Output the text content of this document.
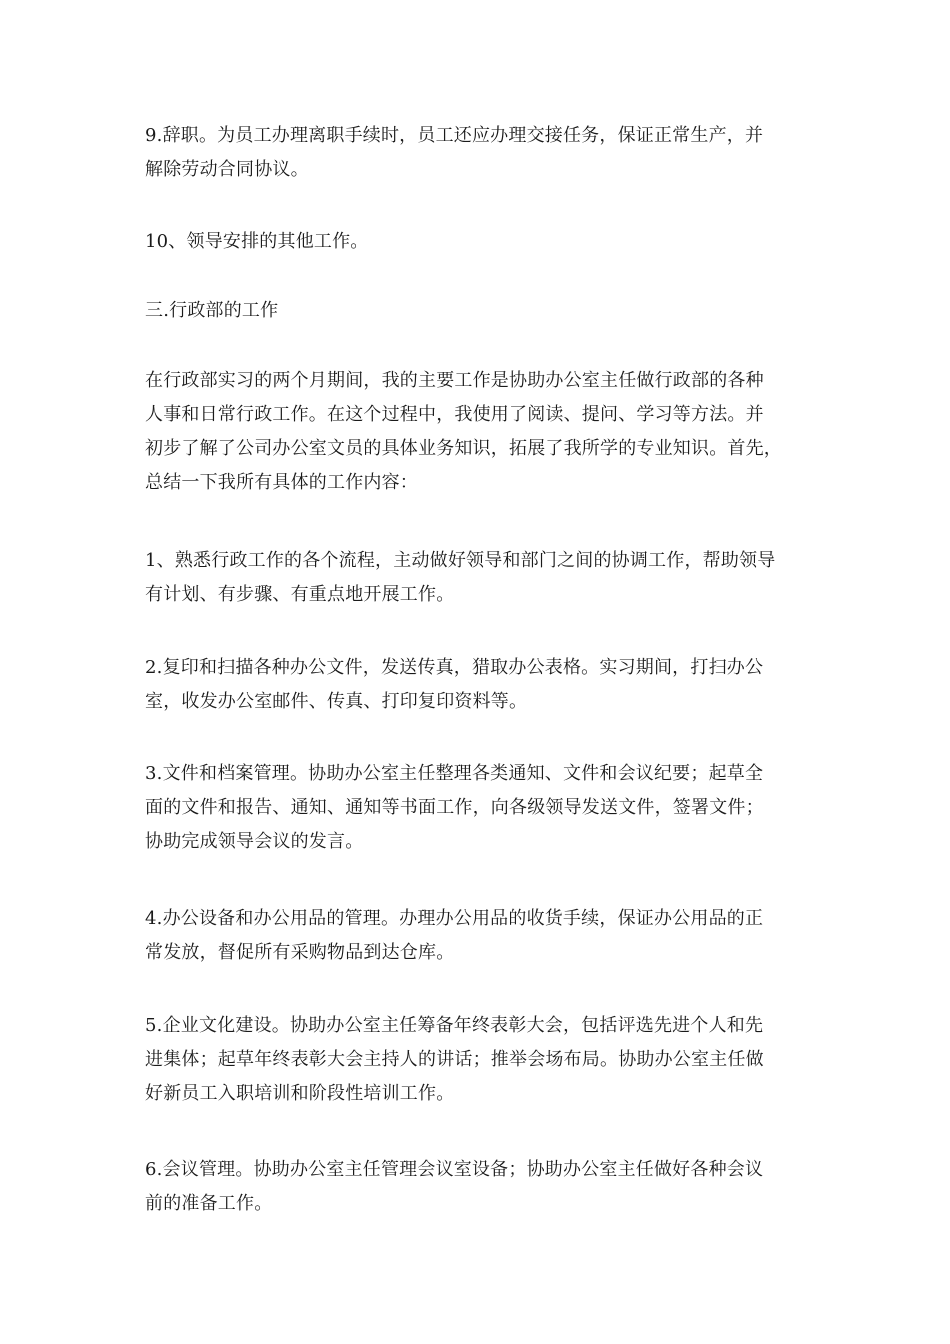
9.辞职。为员工办理离职手续时，员工还应办理交接任务，保证正常生产，并
解除劳动合同协议。
10、领导安排的其他工作。
三.行政部的工作
在行政部实习的两个月期间，我的主要工作是协助办公室主任做行政部的各种
人事和日常行政工作。在这个过程中，我使用了阅读、提问、学习等方法。并
初步了解了公司办公室文员的具体业务知识，拓展了我所学的专业知识。首先，
总结一下我所有具体的工作内容：
1、熟悉行政工作的各个流程，主动做好领导和部门之间的协调工作，帮助领导
有计划、有步骤、有重点地开展工作。
2.复印和扫描各种办公文件，发送传真，猎取办公表格。实习期间，打扫办公
室，收发办公室邮件、传真、打印复印资料等。
3.文件和档案管理。协助办公室主任整理各类通知、文件和会议纪要；起草全
面的文件和报告、通知、通知等书面工作，向各级领导发送文件，签署文件；
协助完成领导会议的发言。
4.办公设备和办公用品的管理。办理办公用品的收货手续，保证办公用品的正
常发放，督促所有采购物品到达仓库。
5.企业文化建设。协助办公室主任筹备年终表彰大会，包括评选先进个人和先
进集体；起草年终表彰大会主持人的讲话；推举会场布局。协助办公室主任做
好新员工入职培训和阶段性培训工作。
6.会议管理。协助办公室主任管理会议室设备；协助办公室主任做好各种会议
前的准备工作。
